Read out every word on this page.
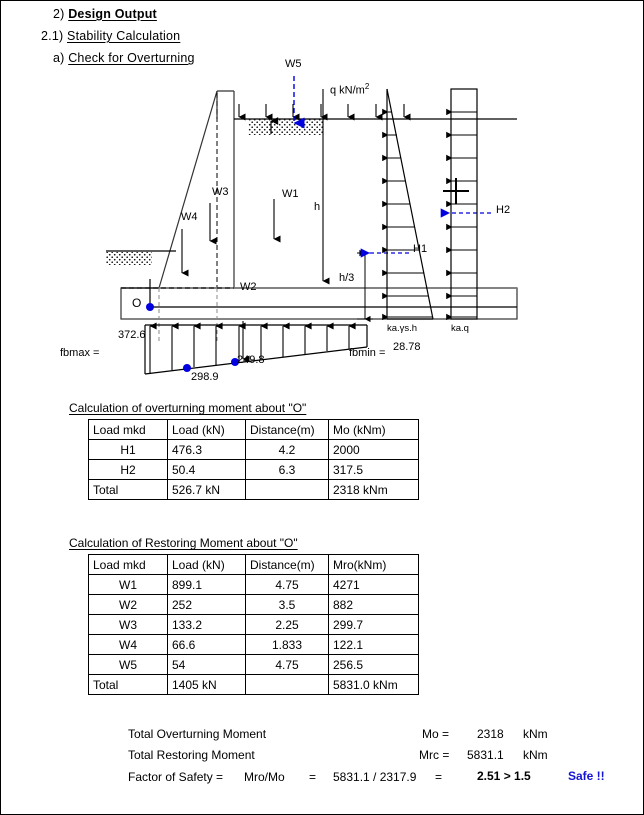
2) Design Output
2.1) Stability Calculation
a) Check for Overturning	W5
q $kN/m^2$
W1
h
W3
W4
W2
h/3
H1
H2
O
ka.γs.h	ka.q
28.78
fbmax =	fbmin =
372.6
298.9
249.8
Calculation of overturning moment about "O"
Load mkd	Load (kN)	Distance(m)	Mo (kNm)
H1	476.3	4.2	2000
H2	50.4	6.3	317.5
Total	526.7 kN		2318 kNm
Calculation of Restoring Moment about "O"
Load mkd	Load (kN)	Distance(m)	Mro(kNm)
W1	899.1	4.75	4271
W2	252	3.5	882
W3	133.2	2.25	299.7
W4	66.6	1.833	122.1
W5	54	4.75	256.5
Total	1405 kN		5831.0 kNm
Total Overturning Moment	Mo = 2318 kNm
Total Restoring Moment	Mrc = 5831.1 kNm
Factor of Safety = Mro/Mo = 5831.1 / 2317.9 =	2.51 > 1.5	Safe !!
